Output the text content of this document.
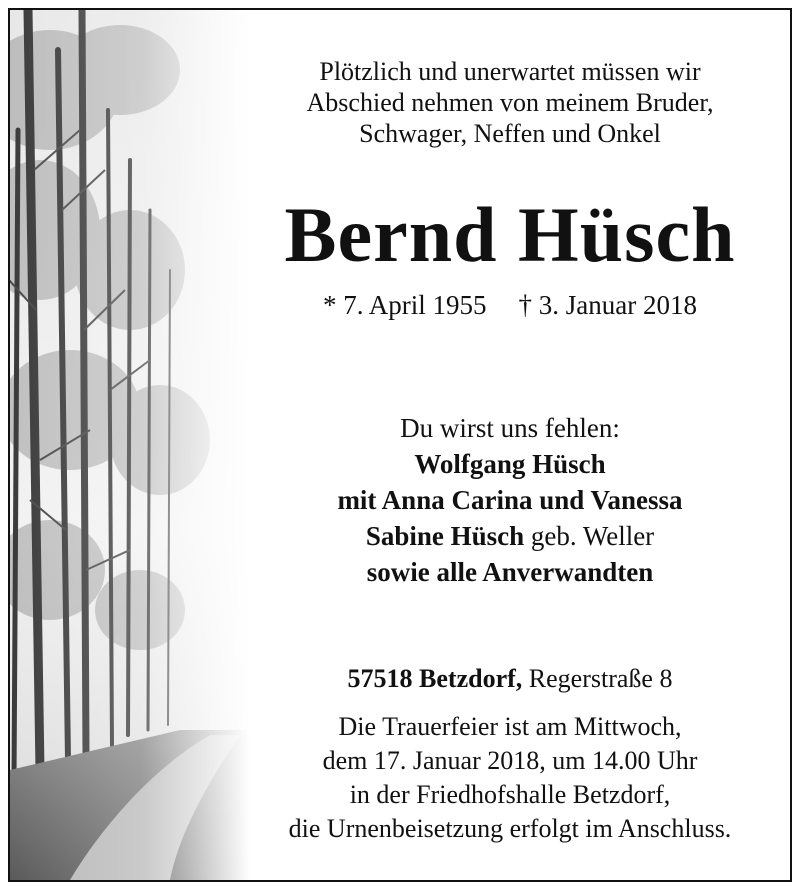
Plötzlich und unerwartet müssen wir
Abschied nehmen von meinem Bruder,
Schwager, Neffen und Onkel
Bernd Hüsch
* 7. April 1955 † 3. Januar 2018
Du wirst uns fehlen:
Wolfgang Hüsch
mit Anna Carina und Vanessa
Sabine Hüsch geb. Weller
sowie alle Anverwandten
57518 Betzdorf, Regerstraße 8
Die Trauerfeier ist am Mittwoch,
dem 17. Januar 2018, um 14.00 Uhr
in der Friedhofshalle Betzdorf,
die Urnenbeisetzung erfolgt im Anschluss.
